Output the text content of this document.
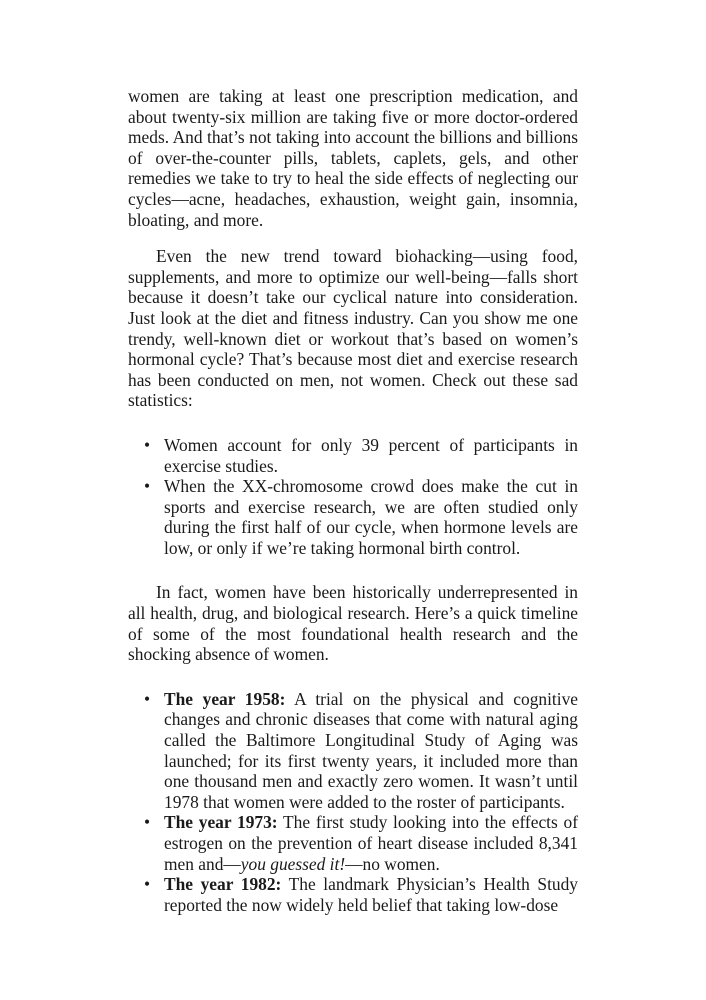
women are taking at least one prescription medication, and about twenty-six million are taking five or more doctor-ordered meds. And that’s not taking into account the billions and billions of over-the-counter pills, tablets, caplets, gels, and other remedies we take to try to heal the side effects of neglecting our cycles—acne, headaches, exhaustion, weight gain, insomnia, bloating, and more.

Even the new trend toward biohacking—using food, supplements, and more to optimize our well-being—falls short because it doesn’t take our cyclical nature into consideration. Just look at the diet and fitness industry. Can you show me one trendy, well-known diet or workout that’s based on women’s hormonal cycle? That’s because most diet and exercise research has been conducted on men, not women. Check out these sad statistics:

• Women account for only 39 percent of participants in exercise studies.
• When the XX-chromosome crowd does make the cut in sports and exercise research, we are often studied only during the first half of our cycle, when hormone levels are low, or only if we’re taking hormonal birth control.

In fact, women have been historically underrepresented in all health, drug, and biological research. Here’s a quick timeline of some of the most foundational health research and the shocking absence of women.

• The year 1958: A trial on the physical and cognitive changes and chronic diseases that come with natural aging called the Baltimore Longitudinal Study of Aging was launched; for its first twenty years, it included more than one thousand men and exactly zero women. It wasn’t until 1978 that women were added to the roster of participants.
• The year 1973: The first study looking into the effects of estrogen on the prevention of heart disease included 8,341 men and—you guessed it!—no women.
• The year 1982: The landmark Physician’s Health Study reported the now widely held belief that taking low-dose
